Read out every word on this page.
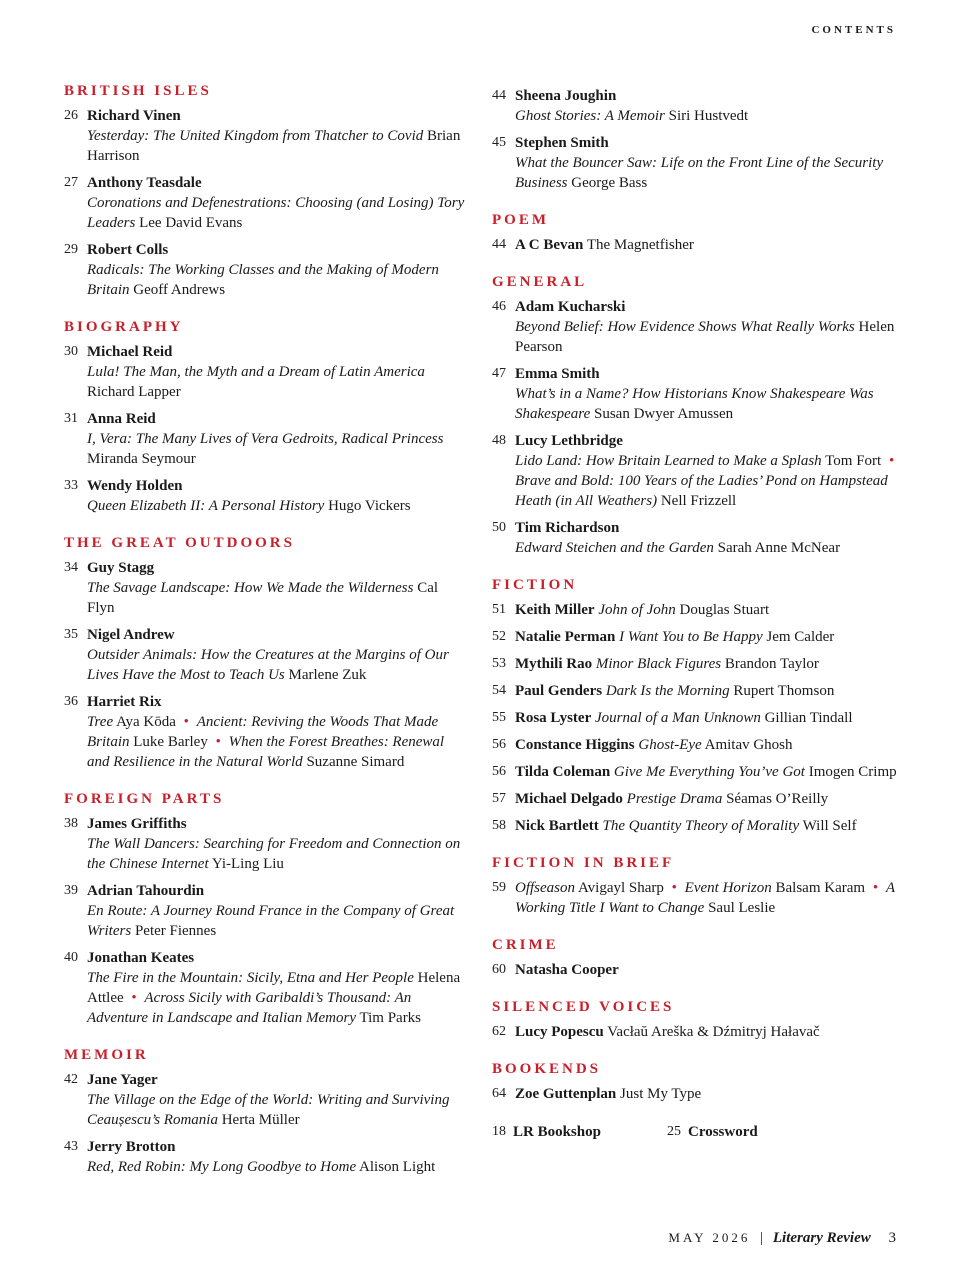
CONTENTS
BRITISH ISLES
26 Richard Vinen
Yesterday: The United Kingdom from Thatcher to Covid Brian Harrison
27 Anthony Teasdale
Coronations and Defenestrations: Choosing (and Losing) Tory Leaders Lee David Evans
29 Robert Colls
Radicals: The Working Classes and the Making of Modern Britain Geoff Andrews
BIOGRAPHY
30 Michael Reid
Lula! The Man, the Myth and a Dream of Latin America Richard Lapper
31 Anna Reid
I, Vera: The Many Lives of Vera Gedroits, Radical Princess Miranda Seymour
33 Wendy Holden
Queen Elizabeth II: A Personal History Hugo Vickers
THE GREAT OUTDOORS
34 Guy Stagg
The Savage Landscape: How We Made the Wilderness Cal Flyn
35 Nigel Andrew
Outsider Animals: How the Creatures at the Margins of Our Lives Have the Most to Teach Us Marlene Zuk
36 Harriet Rix
Tree Aya Kōda • Ancient: Reviving the Woods That Made Britain Luke Barley • When the Forest Breathes: Renewal and Resilience in the Natural World Suzanne Simard
FOREIGN PARTS
38 James Griffiths
The Wall Dancers: Searching for Freedom and Connection on the Chinese Internet Yi-Ling Liu
39 Adrian Tahourdin
En Route: A Journey Round France in the Company of Great Writers Peter Fiennes
40 Jonathan Keates
The Fire in the Mountain: Sicily, Etna and Her People Helena Attlee • Across Sicily with Garibaldi’s Thousand: An Adventure in Landscape and Italian Memory Tim Parks
MEMOIR
42 Jane Yager
The Village on the Edge of the World: Writing and Surviving Ceaușescu’s Romania Herta Müller
43 Jerry Brotton
Red, Red Robin: My Long Goodbye to Home Alison Light
44 Sheena Joughin
Ghost Stories: A Memoir Siri Hustvedt
45 Stephen Smith
What the Bouncer Saw: Life on the Front Line of the Security Business George Bass
POEM
44 A C Bevan The Magnetfisher
GENERAL
46 Adam Kucharski
Beyond Belief: How Evidence Shows What Really Works Helen Pearson
47 Emma Smith
What’s in a Name? How Historians Know Shakespeare Was Shakespeare Susan Dwyer Amussen
48 Lucy Lethbridge
Lido Land: How Britain Learned to Make a Splash Tom Fort • Brave and Bold: 100 Years of the Ladies’ Pond on Hampstead Heath (in All Weathers) Nell Frizzell
50 Tim Richardson
Edward Steichen and the Garden Sarah Anne McNear
FICTION
51 Keith Miller John of John Douglas Stuart
52 Natalie Perman I Want You to Be Happy Jem Calder
53 Mythili Rao Minor Black Figures Brandon Taylor
54 Paul Genders Dark Is the Morning Rupert Thomson
55 Rosa Lyster Journal of a Man Unknown Gillian Tindall
56 Constance Higgins Ghost-Eye Amitav Ghosh
56 Tilda Coleman Give Me Everything You’ve Got Imogen Crimp
57 Michael Delgado Prestige Drama Séamas O’Reilly
58 Nick Bartlett The Quantity Theory of Morality Will Self
FICTION IN BRIEF
59 Offseason Avigayl Sharp • Event Horizon Balsam Karam • A Working Title I Want to Change Saul Leslie
CRIME
60 Natasha Cooper
SILENCED VOICES
62 Lucy Popescu Vacłaŭ Areška & Dźmitryj Hałavač
BOOKENDS
64 Zoe Guttenplan Just My Type
18 LR Bookshop	25 Crossword
MAY 2026 | Literary Review 3
